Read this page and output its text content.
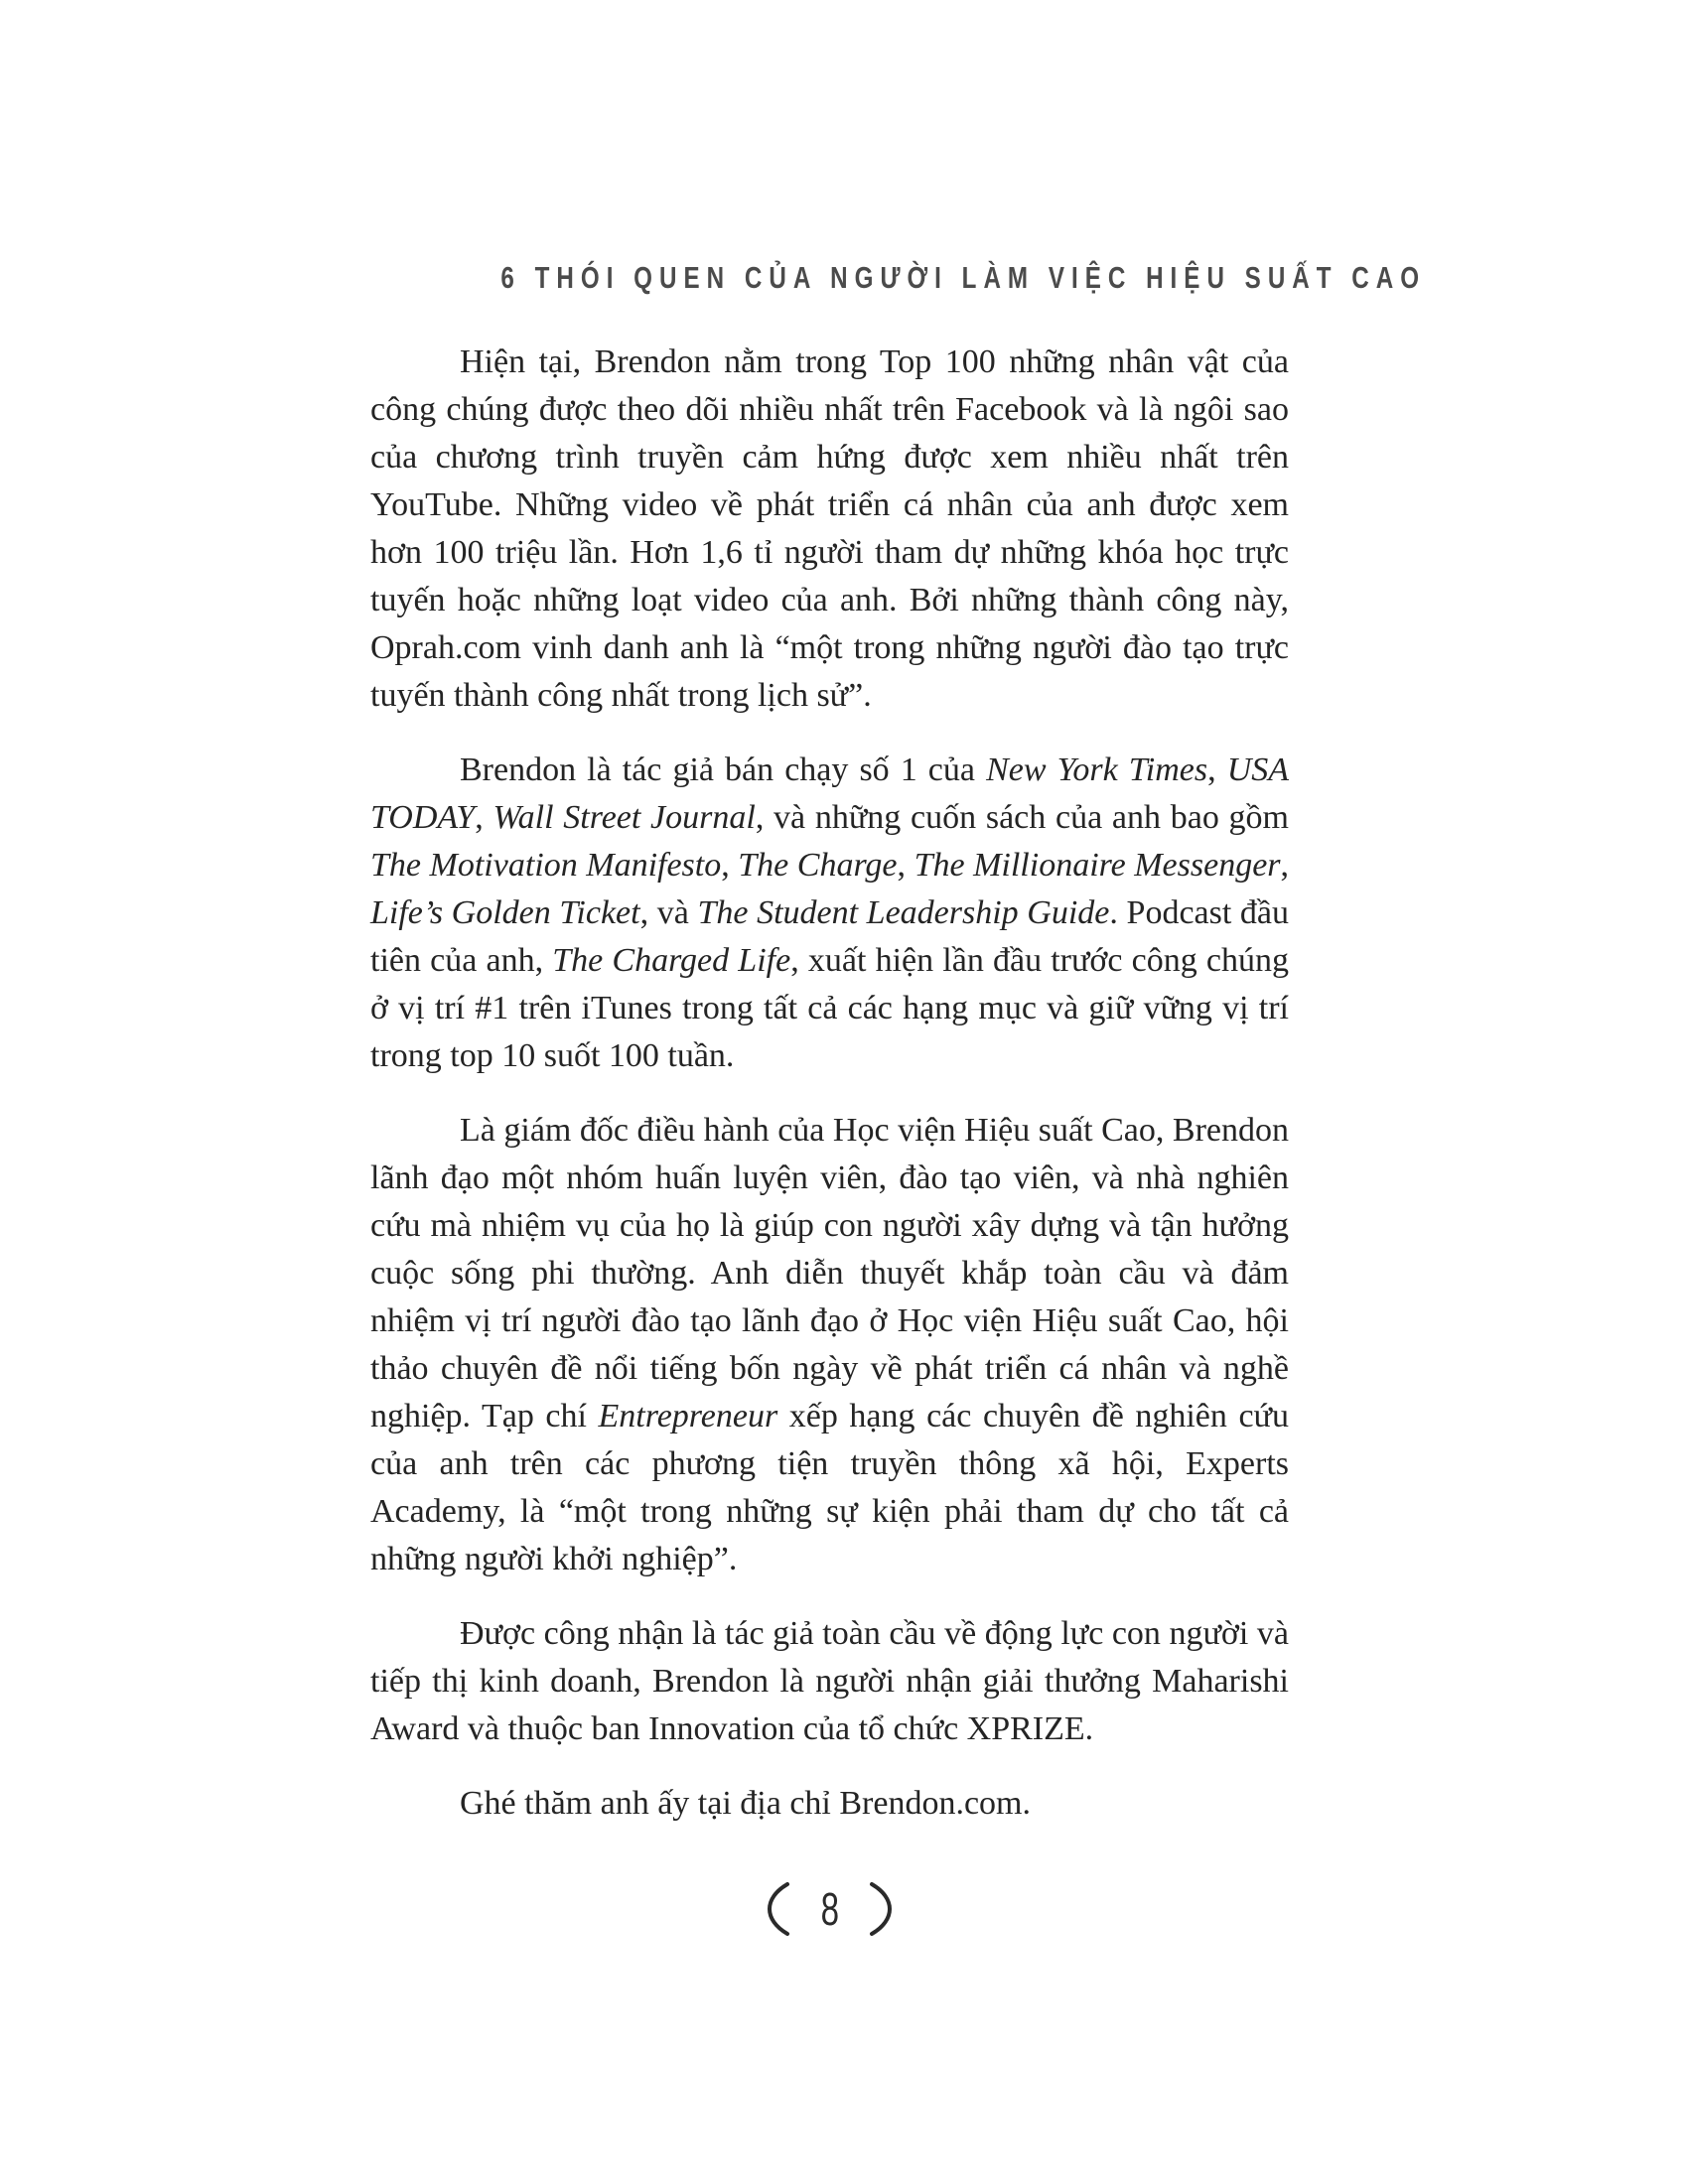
6 THÓI QUEN CỦA NGƯỜI LÀM VIỆC HIỆU SUẤT CAO

Hiện tại, Brendon nằm trong Top 100 những nhân vật của công chúng được theo dõi nhiều nhất trên Facebook và là ngôi sao của chương trình truyền cảm hứng được xem nhiều nhất trên YouTube. Những video về phát triển cá nhân của anh được xem hơn 100 triệu lần. Hơn 1,6 tỉ người tham dự những khóa học trực tuyến hoặc những loạt video của anh. Bởi những thành công này, Oprah.com vinh danh anh là “một trong những người đào tạo trực tuyến thành công nhất trong lịch sử”.

Brendon là tác giả bán chạy số 1 của New York Times, USA TODAY, Wall Street Journal, và những cuốn sách của anh bao gồm The Motivation Manifesto, The Charge, The Millionaire Messenger, Life’s Golden Ticket, và The Student Leadership Guide. Podcast đầu tiên của anh, The Charged Life, xuất hiện lần đầu trước công chúng ở vị trí #1 trên iTunes trong tất cả các hạng mục và giữ vững vị trí trong top 10 suốt 100 tuần.

Là giám đốc điều hành của Học viện Hiệu suất Cao, Brendon lãnh đạo một nhóm huấn luyện viên, đào tạo viên, và nhà nghiên cứu mà nhiệm vụ của họ là giúp con người xây dựng và tận hưởng cuộc sống phi thường. Anh diễn thuyết khắp toàn cầu và đảm nhiệm vị trí người đào tạo lãnh đạo ở Học viện Hiệu suất Cao, hội thảo chuyên đề nổi tiếng bốn ngày về phát triển cá nhân và nghề nghiệp. Tạp chí Entrepreneur xếp hạng các chuyên đề nghiên cứu của anh trên các phương tiện truyền thông xã hội, Experts Academy, là “một trong những sự kiện phải tham dự cho tất cả những người khởi nghiệp”.

Được công nhận là tác giả toàn cầu về động lực con người và tiếp thị kinh doanh, Brendon là người nhận giải thưởng Maharishi Award và thuộc ban Innovation của tổ chức XPRIZE.

Ghé thăm anh ấy tại địa chỉ Brendon.com.

8
